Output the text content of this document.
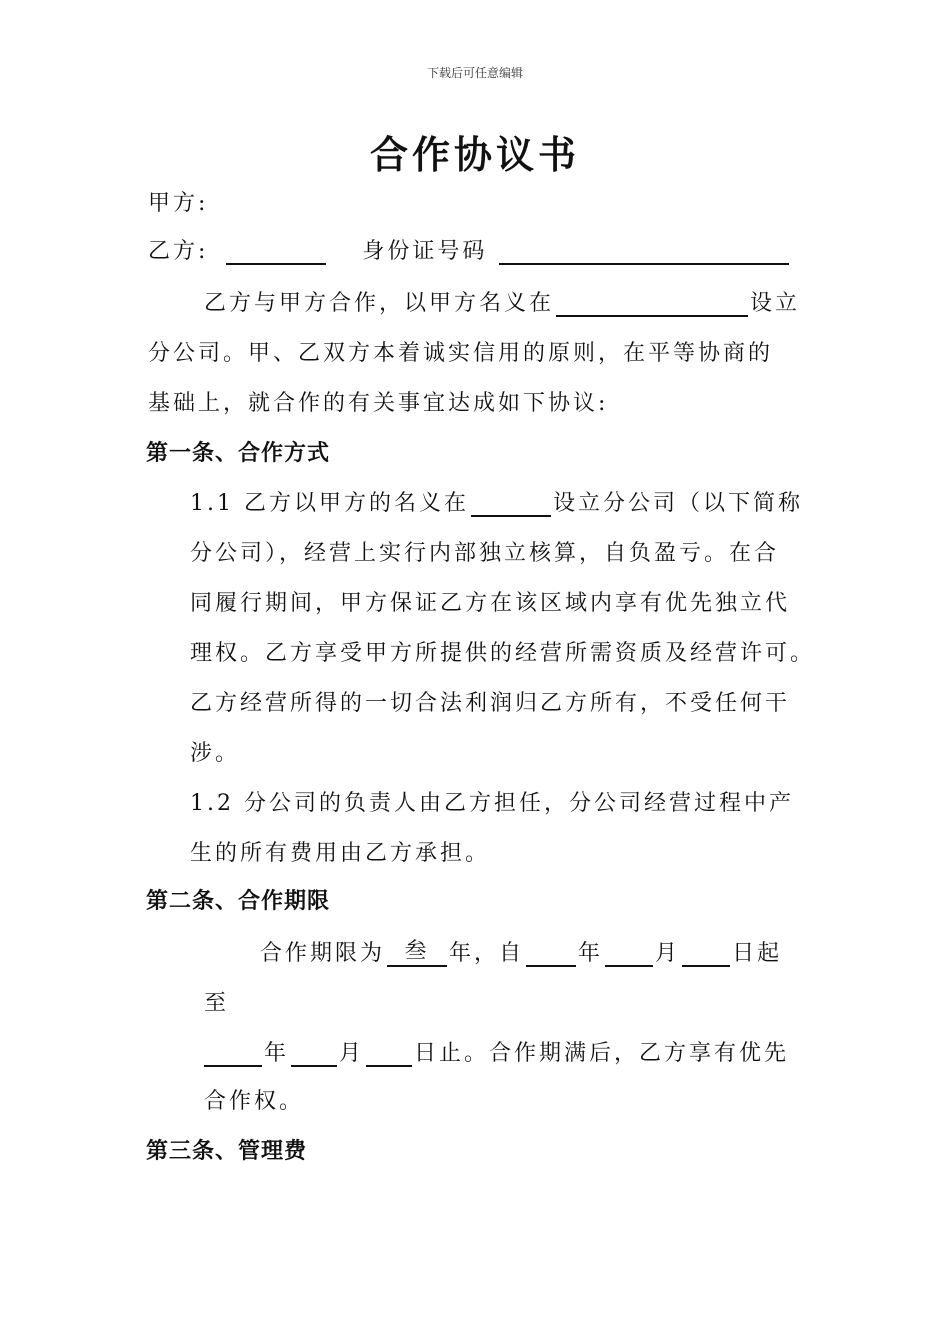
下载后可任意编辑
合作协议书
甲方:
乙方:	身份证号码
乙方与甲方合作，以甲方名义在	设立
分公司。甲、乙双方本着诚实信用的原则，在平等协商的
基础上，就合作的有关事宜达成如下协议:
第一条、合作方式
1.1 乙方以甲方的名义在	设立分公司（以下简称
分公司），经营上实行内部独立核算，自负盈亏。在合
同履行期间，甲方保证乙方在该区域内享有优先独立代
理权。乙方享受甲方所提供的经营所需资质及经营许可。
乙方经营所得的一切合法利润归乙方所有，不受任何干
涉。
1.2 分公司的负责人由乙方担任，分公司经营过程中产
生的所有费用由乙方承担。
第二条、合作期限
合作期限为 叁 年，自 年 月 日起
至
年 月 日止。合作期满后，乙方享有优先
合作权。
第三条、管理费
